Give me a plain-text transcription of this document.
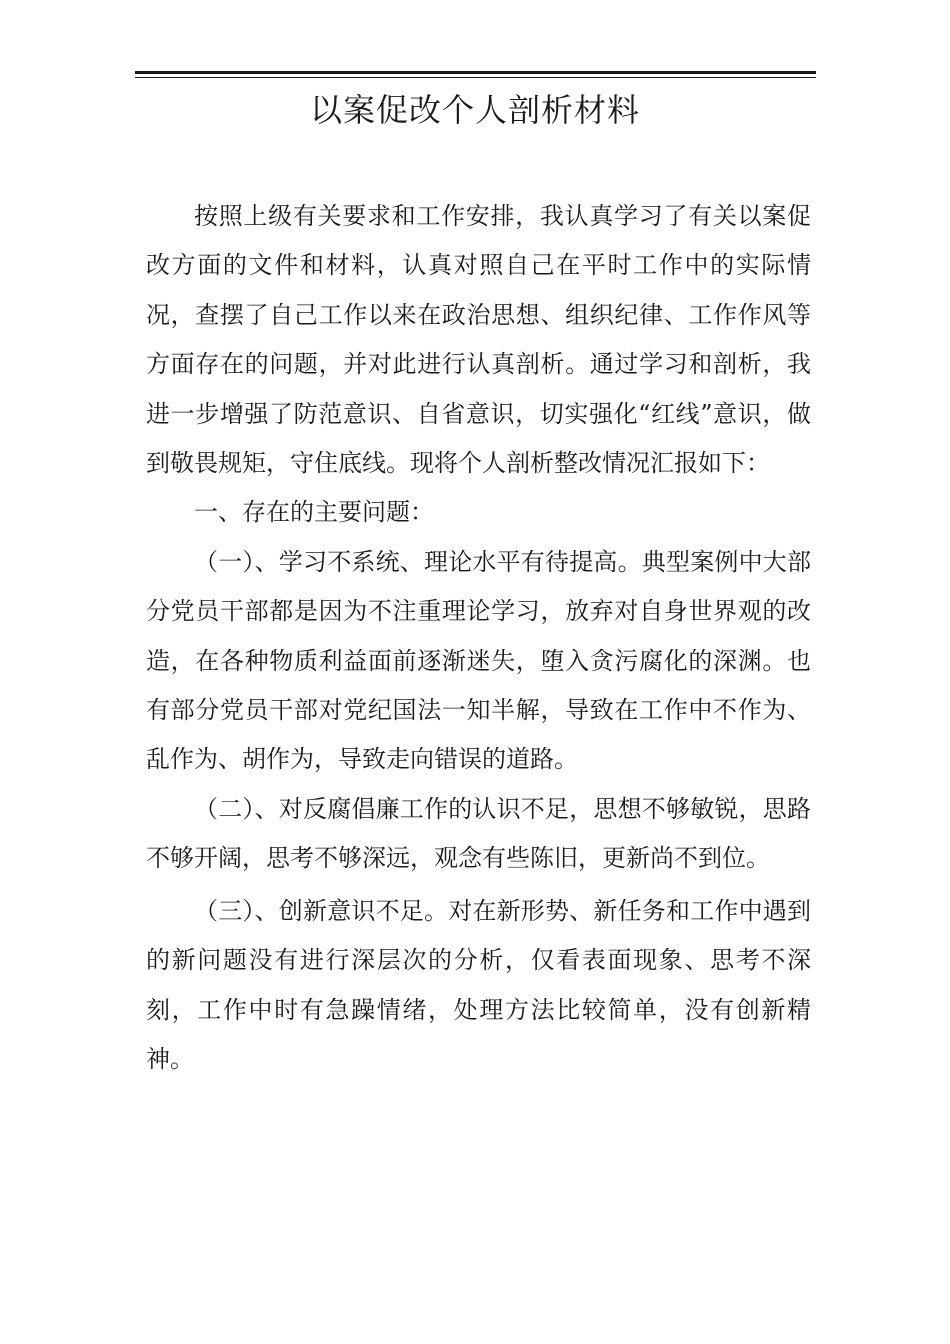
以案促改个人剖析材料

按照上级有关要求和工作安排，我认真学习了有关以案促改方面的文件和材料，认真对照自己在平时工作中的实际情况，查摆了自己工作以来在政治思想、组织纪律、工作作风等方面存在的问题，并对此进行认真剖析。通过学习和剖析，我进一步增强了防范意识、自省意识，切实强化“红线”意识，做到敬畏规矩，守住底线。现将个人剖析整改情况汇报如下：

一、存在的主要问题：

（一）、学习不系统、理论水平有待提高。典型案例中大部分党员干部都是因为不注重理论学习，放弃对自身世界观的改造，在各种物质利益面前逐渐迷失，堕入贪污腐化的深渊。也有部分党员干部对党纪国法一知半解，导致在工作中不作为、乱作为、胡作为，导致走向错误的道路。

（二）、对反腐倡廉工作的认识不足，思想不够敏锐，思路不够开阔，思考不够深远，观念有些陈旧，更新尚不到位。

（三）、创新意识不足。对在新形势、新任务和工作中遇到的新问题没有进行深层次的分析，仅看表面现象、思考不深刻，工作中时有急躁情绪，处理方法比较简单，没有创新精神。
